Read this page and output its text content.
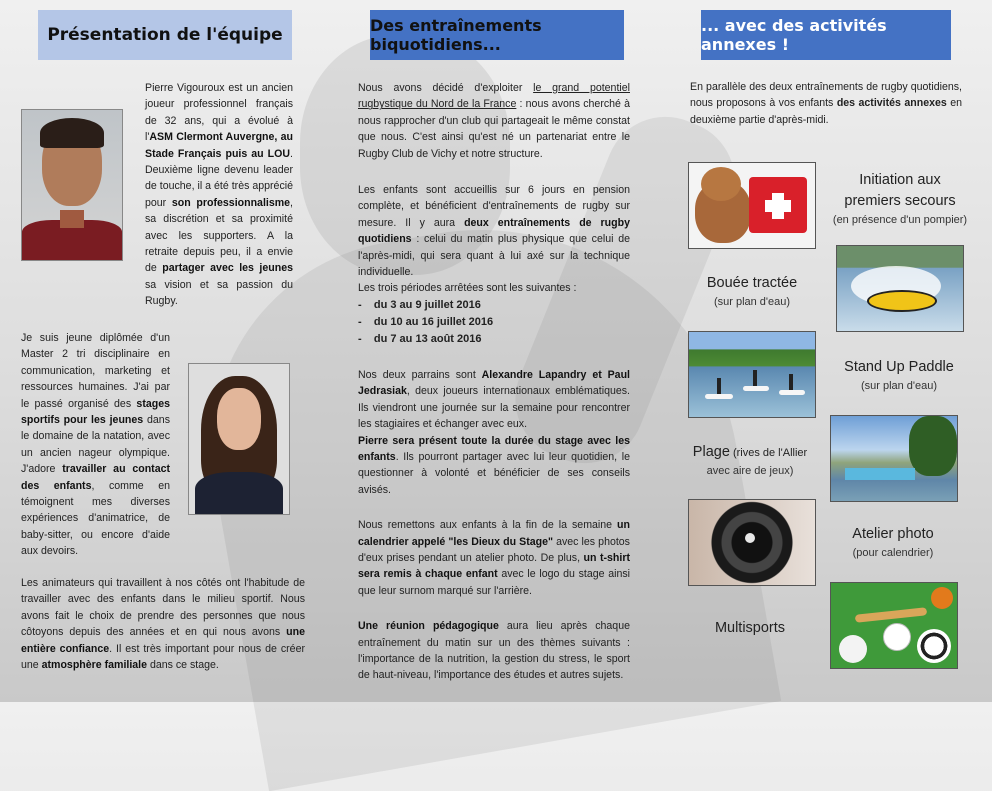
Présentation de l'équipe	Des entraînements biquotidiens...
... avec des activités annexes !
Pierre Vigouroux est un ancien joueur professionnel français de 32 ans, qui a évolué à l'ASM Clermont Auvergne, au Stade Français puis au LOU. Deuxième ligne devenu leader de touche, il a été très apprécié pour son professionnalisme, sa discrétion et sa proximité avec les supporters. A la retraite depuis peu, il a envie de partager avec les jeunes sa vision et sa passion du Rugby.
Je suis jeune diplômée d'un Master 2 tri disciplinaire en communication, marketing et ressources humaines. J'ai par le passé organisé des stages sportifs pour les jeunes dans le domaine de la natation, avec un ancien nageur olympique. J'adore travailler au contact des enfants, comme en témoignent mes diverses expériences d'animatrice, de baby-sitter, ou encore d'aide aux devoirs.
Les animateurs qui travaillent à nos côtés ont l'habitude de travailler avec des enfants dans le milieu sportif. Nous avons fait le choix de prendre des personnes que nous côtoyons depuis des années et en qui nous avons une entière confiance. Il est très important pour nous de créer une atmosphère familiale dans ce stage.

Nous avons décidé d'exploiter le grand potentiel rugbystique du Nord de la France : nous avons cherché à nous rapprocher d'un club qui partageait le même constat que nous. C'est ainsi qu'est né un partenariat entre le Rugby Club de Vichy et notre structure.

Les enfants sont accueillis sur 6 jours en pension complète, et bénéficient d'entraînements de rugby sur mesure. Il y aura deux entraînements de rugby quotidiens : celui du matin plus physique que celui de l'après-midi, qui sera quant à lui axé sur la technique individuelle.
Les trois périodes arrêtées sont les suivantes :

-    du 3 au 9 juillet 2016
-    du 10 au 16 juillet 2016
-    du 7 au 13 août 2016

Nos deux parrains sont Alexandre Lapandry et Paul Jedrasiak, deux joueurs internationaux emblématiques. Ils viendront une journée sur la semaine pour rencontrer les stagiaires et échanger avec eux.
Pierre sera présent toute la durée du stage avec les enfants. Ils pourront partager avec lui leur quotidien, le questionner à volonté et bénéficier de ses conseils avisés.

Nous remettons aux enfants à la fin de la semaine un calendrier appelé "les Dieux du Stage" avec les photos d'eux prises pendant un atelier photo. De plus, un t-shirt sera remis à chaque enfant avec le logo du stage ainsi que leur surnom marqué sur l'arrière.

Une réunion pédagogique aura lieu après chaque entraînement du matin sur un des thèmes suivants : l'importance de la nutrition, la gestion du stress, le sport de haut-niveau, l'importance des études et autres sujets.

En parallèle des deux entraînements de rugby quotidiens, nous proposons à vos enfants des activités annexes en deuxième partie d'après-midi.
Initiation aux premiers secours
(en présence d'un pompier)
Bouée tractée
(sur plan d'eau)
Stand Up Paddle
(sur plan d'eau)
Plage (rives de l'Allier
avec aire de jeux)
Atelier photo
(pour calendrier)
Multisports
